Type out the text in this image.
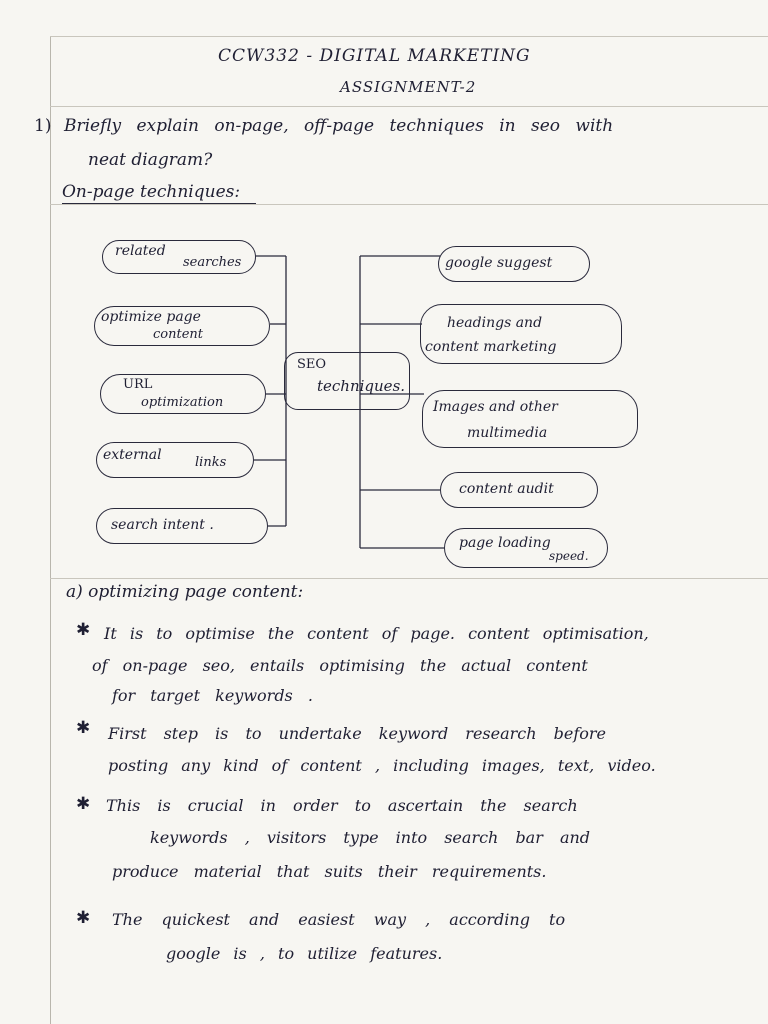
CCW332 - DIGITAL MARKETING
ASSIGNMENT-2
1) Briefly explain on-page, off-page techniques in seo with
neat diagram?
On-page techniques:
related
searches
optimize page
content
URL
optimization
external	links
search intent .
SEO
techniques.
google suggest
headings and
content marketing
Images and other
multimedia
content audit
page loading
speed.
a) optimizing page content:
✱ It is to optimise the content of page. content optimisation,
of on-page seo, entails optimising the actual content
for target keywords .
✱ First step is to undertake keyword research before
posting any kind of content , including images, text, video.
✱ This is crucial in order to ascertain the search
keywords , visitors type into search bar and
produce material that suits their requirements.
✱ The quickest and easiest way , according to
google is , to utilize features.
